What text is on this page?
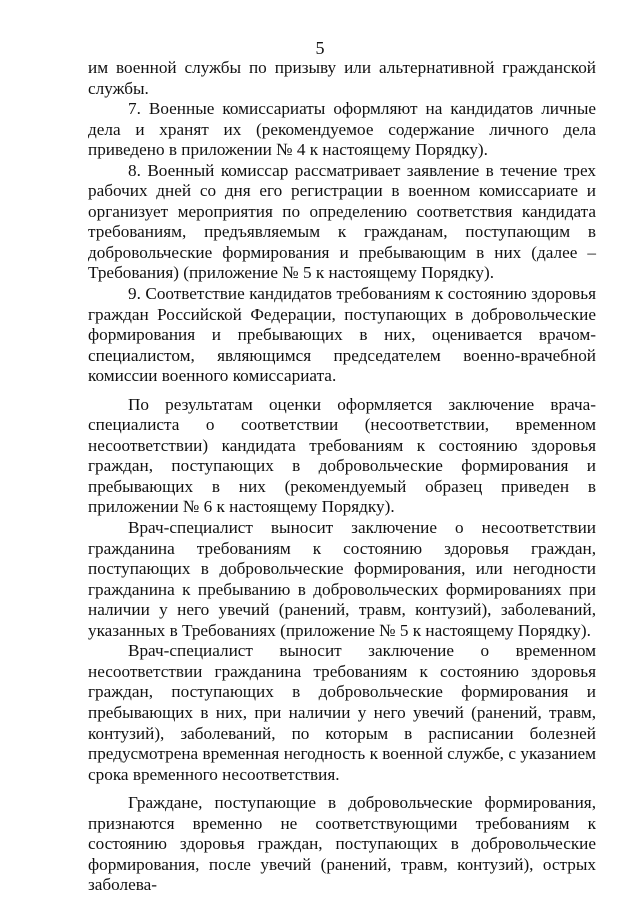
5

им военной службы по призыву или альтернативной гражданской службы.

7. Военные комиссариаты оформляют на кандидатов личные дела и хранят их (рекомендуемое содержание личного дела приведено в приложении № 4 к настоящему Порядку).

8. Военный комиссар рассматривает заявление в течение трех рабочих дней со дня его регистрации в военном комиссариате и организует мероприятия по определению соответствия кандидата требованиям, предъявляемым к гражданам, поступающим в добровольческие формирования и пребывающим в них (далее – Требования) (приложение № 5 к настоящему Порядку).

9. Соответствие кандидатов требованиям к состоянию здоровья граждан Российской Федерации, поступающих в добровольческие формирования и пребывающих в них, оценивается врачом-специалистом, являющимся председателем военно-врачебной комиссии военного комиссариата.

По результатам оценки оформляется заключение врача-специалиста о соответствии (несоответствии, временном несоответствии) кандидата требованиям к состоянию здоровья граждан, поступающих в добровольческие формирования и пребывающих в них (рекомендуемый образец приведен в приложении № 6 к настоящему Порядку).

Врач-специалист выносит заключение о несоответствии гражданина требованиям к состоянию здоровья граждан, поступающих в добровольческие формирования, или негодности гражданина к пребыванию в добровольческих формированиях при наличии у него увечий (ранений, травм, контузий), заболеваний, указанных в Требованиях (приложение № 5 к настоящему Порядку).

Врач-специалист выносит заключение о временном несоответствии гражданина требованиям к состоянию здоровья граждан, поступающих в добровольческие формирования и пребывающих в них, при наличии у него увечий (ранений, травм, контузий), заболеваний, по которым в расписании болезней предусмотрена временная негодность к военной службе, с указанием срока временного несоответствия.

Граждане, поступающие в добровольческие формирования, признаются временно не соответствующими требованиям к состоянию здоровья граждан, поступающих в добровольческие формирования, после увечий (ранений, травм, контузий), острых заболева-
